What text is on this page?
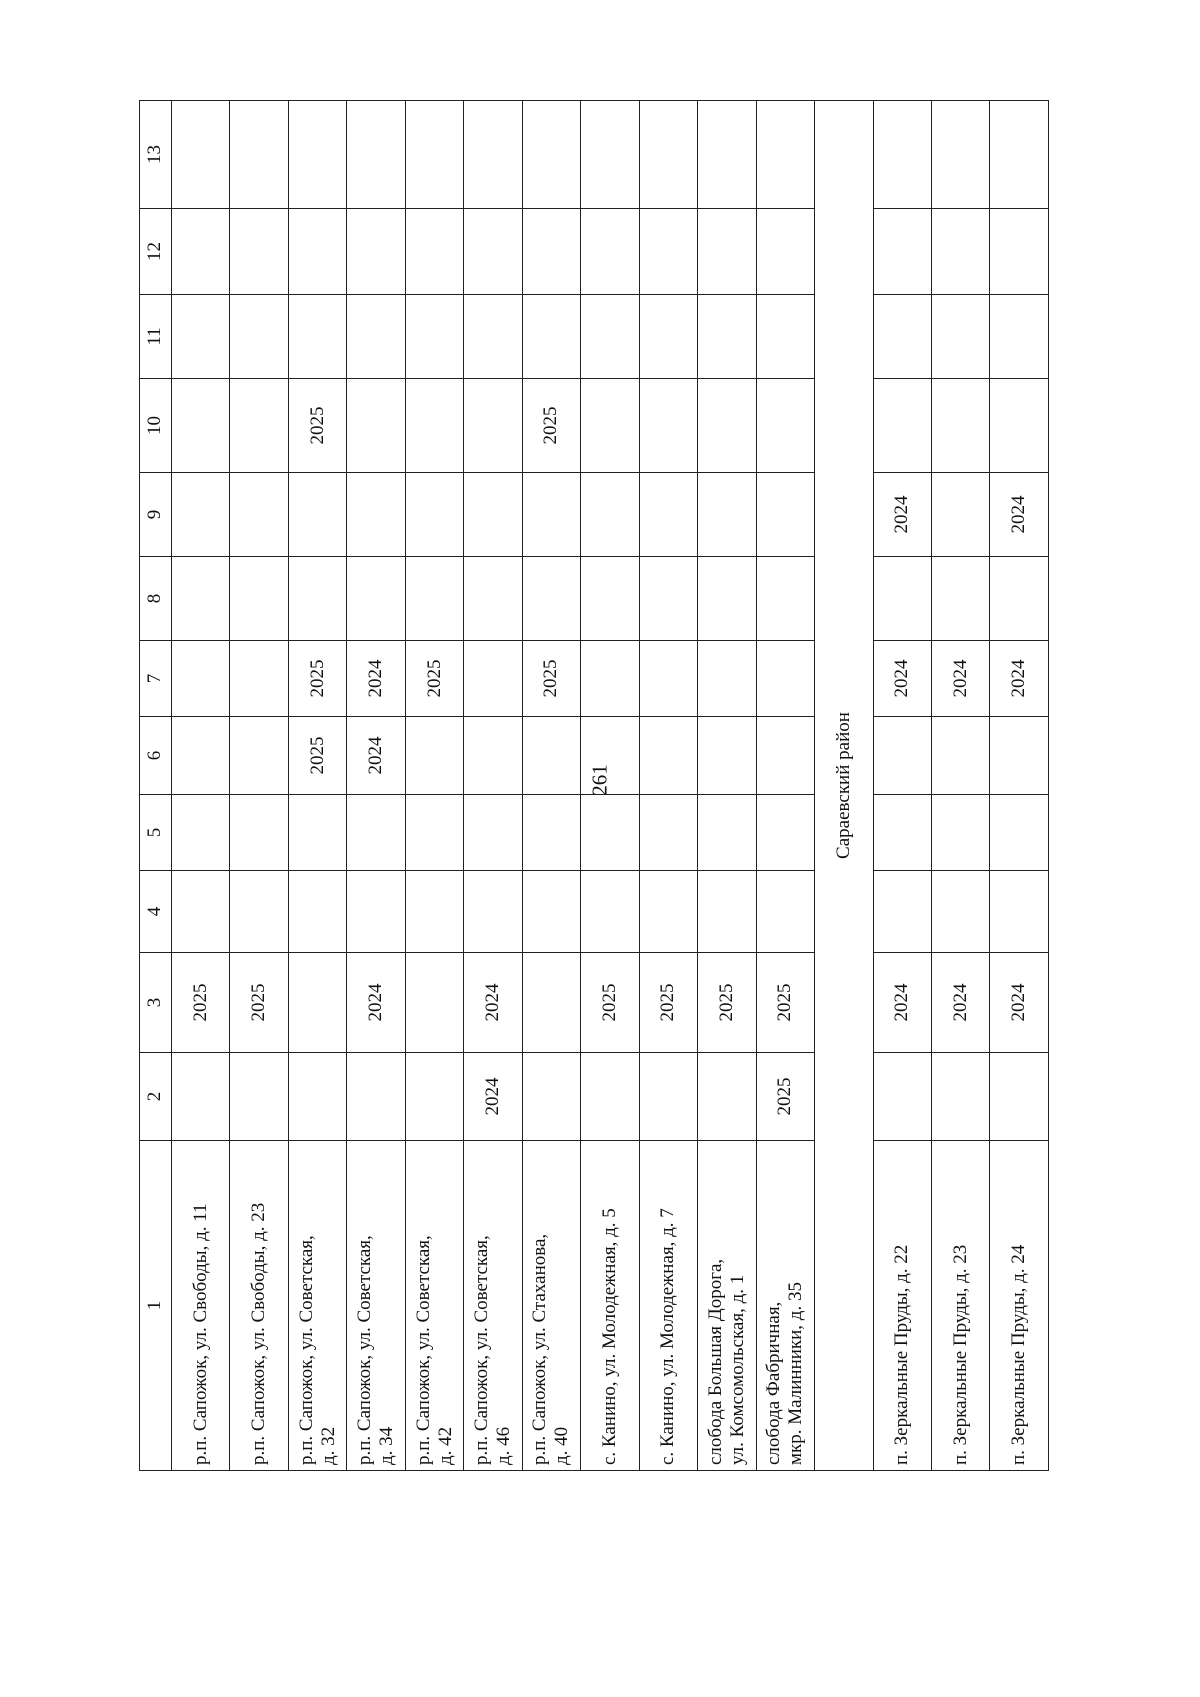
261
1	2	3	4	5	6	7	8	9	10	11	12	13
р.п. Сапожок, ул. Свободы, д. 11		2025										
р.п. Сапожок, ул. Свободы, д. 23		2025										
р.п. Сапожок, ул. Советская,
д. 32					2025	2025			2025			
р.п. Сапожок, ул. Советская,
д. 34		2024			2024	2024						
р.п. Сапожок, ул. Советская,
д. 42						2025						
р.п. Сапожок, ул. Советская,
д. 46	2024	2024										
р.п. Сапожок, ул. Стаханова,
д. 40						2025			2025			
с. Канино, ул. Молодежная, д. 5		2025										
с. Канино, ул. Молодежная, д. 7		2025										
слобода Большая Дорога,
ул. Комсомольская, д. 1		2025										
слобода Фабричная,
мкр. Малинники, д. 35	2025	2025										
Сараевский район												
п. Зеркальные Пруды, д. 22		2024				2024		2024				
п. Зеркальные Пруды, д. 23		2024				2024						
п. Зеркальные Пруды, д. 24		2024				2024		2024				
